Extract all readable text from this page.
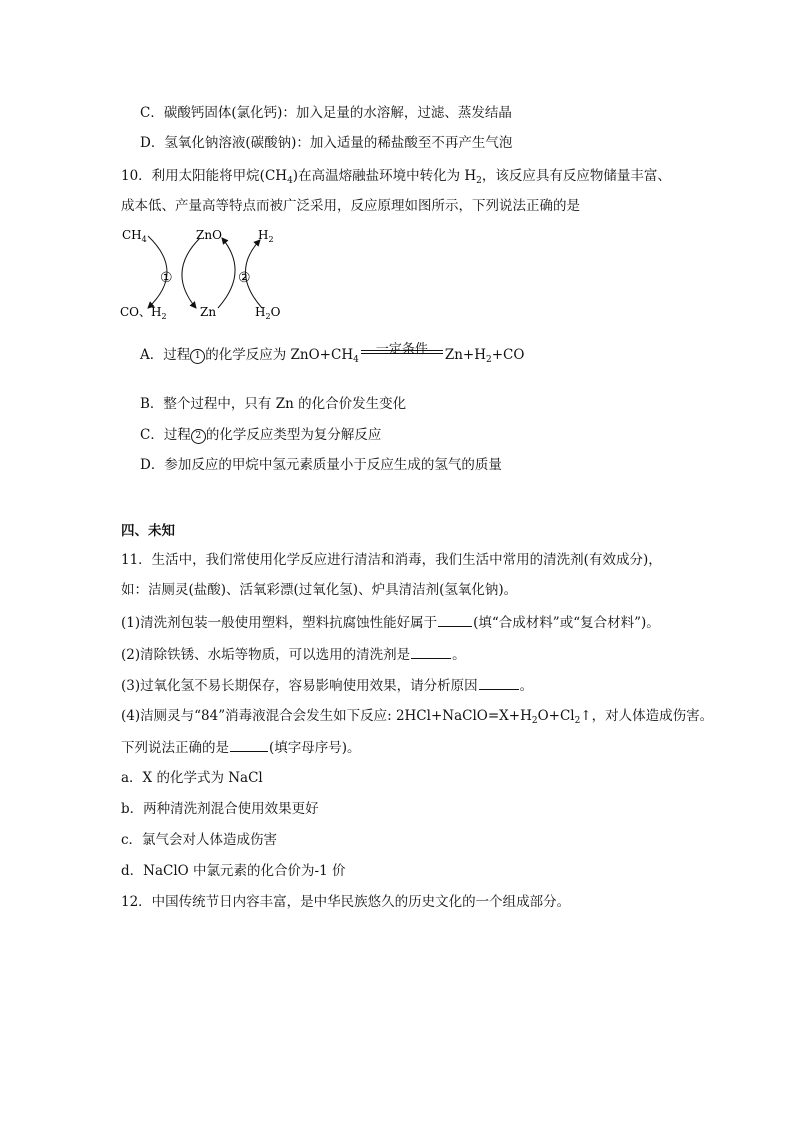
C．碳酸钙固体(氯化钙)：加入足量的水溶解，过滤、蒸发结晶
D．氢氧化钠溶液(碳酸钠)：加入适量的稀盐酸至不再产生气泡
10．利用太阳能将甲烷$(CH_4)$在高温熔融盐环境中转化为 $H_2$，该反应具有反应物储量丰富、
成本低、产量高等特点而被广泛采用，反应原理如图所示，下列说法正确的是
$CH_4$	ZnO	$H_2$
CO、$H_2$	Zn	$H_2O$
①	②
A．过程 1 的化学反应为 $ZnO+CH_4$
一定条件	$Zn+H_2+CO$
B．整个过程中，只有 Zn 的化合价发生变化
C．过程 2 的化学反应类型为复分解反应
D．参加反应的甲烷中氢元素质量小于反应生成的氢气的质量
四、未知
11．生活中，我们常使用化学反应进行清洁和消毒，我们生活中常用的清洗剂(有效成分)，
如：洁厕灵(盐酸)、活氧彩漂(过氧化氢)、炉具清洁剂(氢氧化钠)。
(1)清洗剂包装一般使用塑料，塑料抗腐蚀性能好属于	(填“合成材料”或“复合材料”)。
(2)清除铁锈、水垢等物质，可以选用的清洗剂是	。
(3)过氧化氢不易长期保存，容易影响使用效果，请分析原因	。
(4)洁厕灵与“84”消毒液混合会发生如下反应: $2HCl+NaClO=X+H_2O+Cl_2↑$，对人体造成伤害。
下列说法正确的是	(填字母序号)。
a．X 的化学式为 NaCl
b．两种清洗剂混合使用效果更好
c．氯气会对人体造成伤害
d．NaClO 中氯元素的化合价为-1 价
12．中国传统节日内容丰富，是中华民族悠久的历史文化的一个组成部分。
